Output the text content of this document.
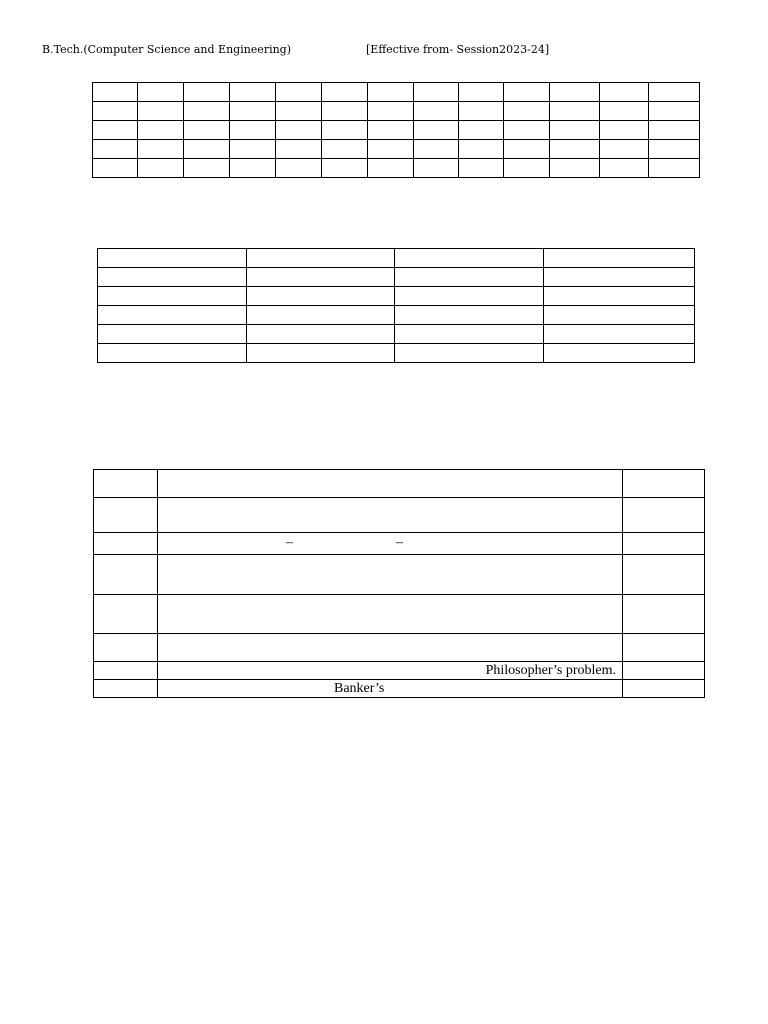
B.Tech.(Computer Science and Engineering)	[Effective from- Session2023-24]

	– –	

	Philosopher’s problem.	
	Banker’s	
